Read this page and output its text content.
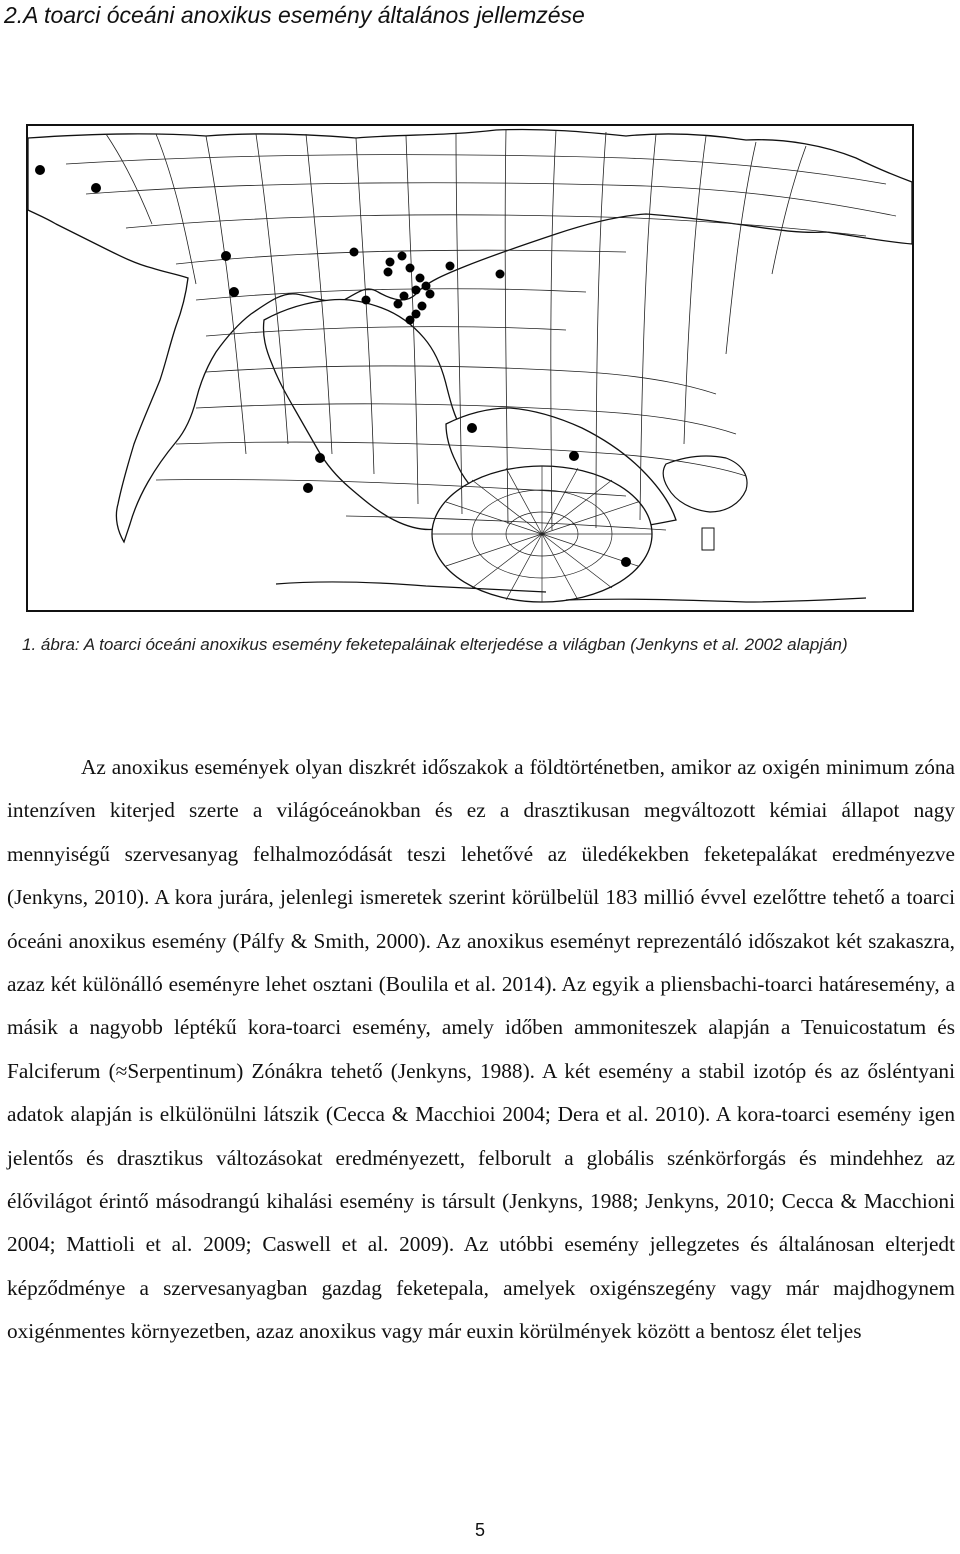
2.A toarci óceáni anoxikus esemény általános jellemzése
1. ábra: A toarci óceáni anoxikus esemény feketepaláinak elterjedése a világban (Jenkyns et al. 2002 alapján)

Az anoxikus események olyan diszkrét időszakok a földtörténetben, amikor az oxigén minimum zóna intenzíven kiterjed szerte a világóceánokban és ez a drasztikusan megváltozott kémiai állapot nagy mennyiségű szervesanyag felhalmozódását teszi lehetővé az üledékekben feketepalákat eredményezve (Jenkyns, 2010). A kora jurára, jelenlegi ismeretek szerint körülbelül 183 millió évvel ezelőttre tehető a toarci óceáni anoxikus esemény (Pálfy & Smith, 2000). Az anoxikus eseményt reprezentáló időszakot két szakaszra, azaz két különálló eseményre lehet osztani (Boulila et al. 2014). Az egyik a pliensbachi-toarci határesemény, a másik a nagyobb léptékű kora-toarci esemény, amely időben ammoniteszek alapján a Tenuicostatum és Falciferum (≈Serpentinum) Zónákra tehető (Jenkyns, 1988). A két esemény a stabil izotóp és az ősléntyani adatok alapján is elkülönülni látszik (Cecca & Macchioi 2004; Dera et al. 2010). A kora-toarci esemény igen jelentős és drasztikus változásokat eredményezett, felborult a globális szénkörforgás és mindehhez az élővilágot érintő másodrangú kihalási esemény is társult (Jenkyns, 1988; Jenkyns, 2010; Cecca & Macchioni 2004; Mattioli et al. 2009; Caswell et al. 2009). Az utóbbi esemény jellegzetes és általánosan elterjedt képződménye a szervesanyagban gazdag feketepala, amelyek oxigénszegény vagy már majdhogynem oxigénmentes környezetben, azaz anoxikus vagy már euxin körülmények között a bentosz élet teljes

5
